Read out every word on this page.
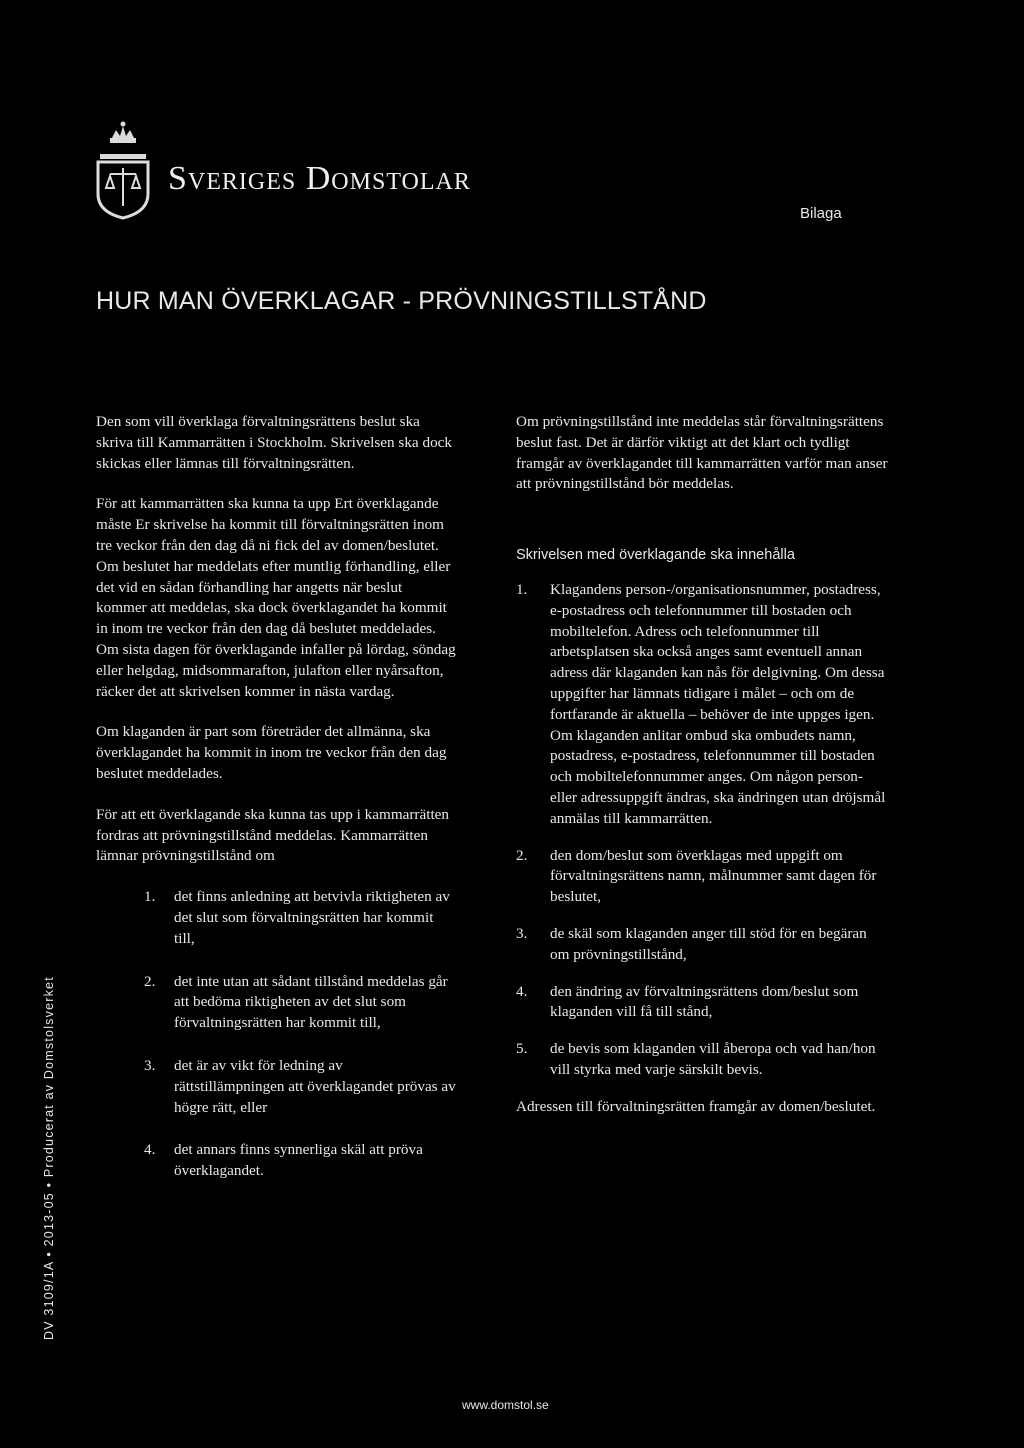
Sveriges Domstolar
Bilaga
HUR MAN ÖVERKLAGAR - PRÖVNINGSTILLSTÅND

Den som vill överklaga förvaltningsrättens beslut ska skriva till Kammarrätten i Stockholm. Skrivelsen ska dock skickas eller lämnas till förvaltningsrätten.

För att kammarrätten ska kunna ta upp Ert överklagande måste Er skrivelse ha kommit till förvaltningsrätten inom tre veckor från den dag då ni fick del av domen/beslutet. Om beslutet har meddelats efter muntlig förhandling, eller det vid en sådan förhandling har angetts när beslut kommer att meddelas, ska dock överklagandet ha kommit in inom tre veckor från den dag då beslutet meddelades. Om sista dagen för överklagande infaller på lördag, söndag eller helgdag, midsommarafton, julafton eller nyårsafton, räcker det att skrivelsen kommer in nästa vardag.

Om klaganden är part som företräder det allmänna, ska överklagandet ha kommit in inom tre veckor från den dag beslutet meddelades.

För att ett överklagande ska kunna tas upp i kammarrätten fordras att prövningstillstånd meddelas. Kammarrätten lämnar prövningstillstånd om

1.	det finns anledning att betvivla riktigheten av det slut som förvaltningsrätten har kommit till,
2.	det inte utan att sådant tillstånd meddelas går att bedöma riktigheten av det slut som förvaltningsrätten har kommit till,
3.	det är av vikt för ledning av rättstillämpningen att överklagandet prövas av högre rätt, eller
4.	det annars finns synnerliga skäl att pröva överklagandet.

Om prövningstillstånd inte meddelas står förvaltningsrättens beslut fast. Det är därför viktigt att det klart och tydligt framgår av överklagandet till kammarrätten varför man anser att prövningstillstånd bör meddelas.

Skrivelsen med överklagande ska innehålla
1.	Klagandens person-/organisationsnummer, postadress, e-postadress och telefonnummer till bostaden och mobiltelefon. Adress och telefonnummer till arbetsplatsen ska också anges samt eventuell annan adress där klaganden kan nås för delgivning. Om dessa uppgifter har lämnats tidigare i målet – och om de fortfarande är aktuella – behöver de inte uppges igen. Om klaganden anlitar ombud ska ombudets namn, postadress, e-postadress, telefonnummer till bostaden och mobiltelefonnummer anges. Om någon person- eller adressuppgift ändras, ska ändringen utan dröjsmål anmälas till kammarrätten.
2.	den dom/beslut som överklagas med uppgift om förvaltningsrättens namn, målnummer samt dagen för beslutet,
3.	de skäl som klaganden anger till stöd för en begäran om prövningstillstånd,
4.	den ändring av förvaltningsrättens dom/beslut som klaganden vill få till stånd,
5.	de bevis som klaganden vill åberopa och vad han/hon vill styrka med varje särskilt bevis.

Adressen till förvaltningsrätten framgår av domen/beslutet.

DV 3109/1A • 2013-05 • Producerat av Domstolsverket
www.domstol.se
